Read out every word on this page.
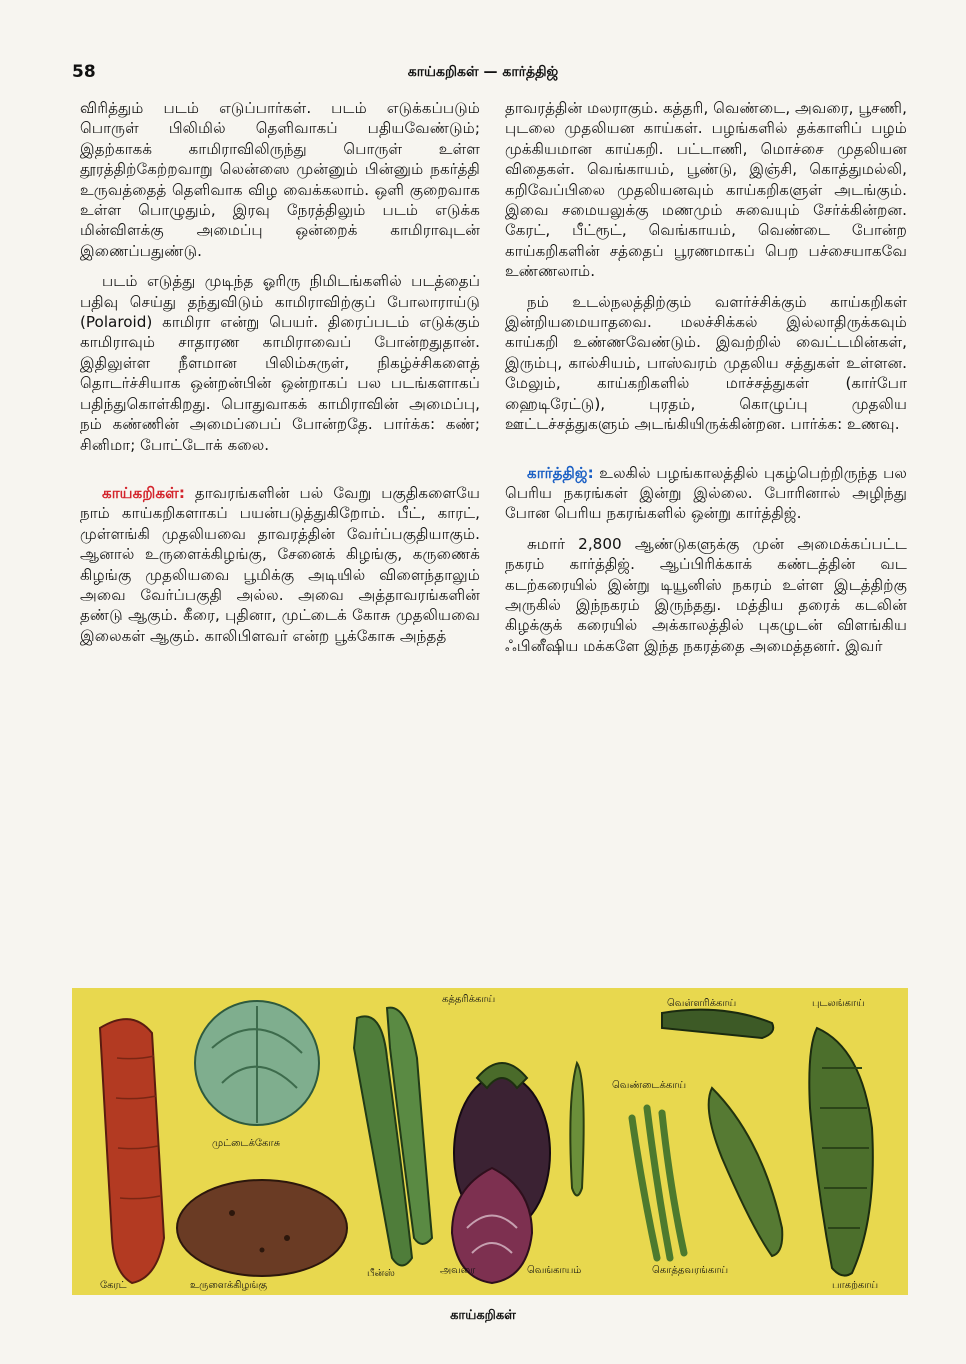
58	காய்கறிகள் — கார்த்திஜ்

விரித்தும் படம் எடுப்பார்கள். படம் எடுக்கப்படும் பொருள் பிலிமில் தெளிவாகப் பதியவேண்டும்; இதற்காகக் காமிராவிலிருந்து பொருள் உள்ள தூரத்திற்கேற்றவாறு லென்ஸை முன்னும் பின்னும் நகர்த்தி உருவத்தைத் தெளிவாக விழ வைக்கலாம். ஒளி குறைவாக உள்ள பொழுதும், இரவு நேரத்திலும் படம் எடுக்க மின்விளக்கு அமைப்பு ஒன்றைக் காமிராவுடன் இணைப்பதுண்டு.

படம் எடுத்து முடிந்த ஓரிரு நிமிடங்களில் படத்தைப் பதிவு செய்து தந்துவிடும் காமிராவிற்குப் போலாராய்டு (Polaroid) காமிரா என்று பெயர். திரைப்படம் எடுக்கும் காமிராவும் சாதாரண காமிராவைப் போன்றதுதான். இதிலுள்ள நீளமான பிலிம்சுருள், நிகழ்ச்சிகளைத் தொடர்ச்சியாக ஒன்றன்பின் ஒன்றாகப் பல படங்களாகப் பதிந்துகொள்கிறது. பொதுவாகக் காமிராவின் அமைப்பு, நம் கண்ணின் அமைப்பைப் போன்றதே. பார்க்க: கண்; சினிமா; போட்டோக் கலை.

காய்கறிகள்: தாவரங்களின் பல் வேறு பகுதிகளையே நாம் காய்கறிகளாகப் பயன்படுத்துகிறோம். பீட், காரட், முள்ளங்கி முதலியவை தாவரத்தின் வேர்ப்பகுதியாகும். ஆனால் உருளைக்கிழங்கு, சேனைக் கிழங்கு, கருணைக் கிழங்கு முதலியவை பூமிக்கு அடியில் விளைந்தாலும் அவை வேர்ப்பகுதி அல்ல. அவை அத்தாவரங்களின் தண்டு ஆகும். கீரை, புதினா, முட்டைக் கோசு முதலியவை இலைகள் ஆகும். காலிபிளவர் என்ற பூக்கோசு அந்தத்

தாவரத்தின் மலராகும். கத்தரி, வெண்டை, அவரை, பூசணி, புடலை முதலியன காய்கள். பழங்களில் தக்காளிப் பழம் முக்கியமான காய்கறி. பட்டாணி, மொச்சை முதலியன விதைகள். வெங்காயம், பூண்டு, இஞ்சி, கொத்துமல்லி, கறிவேப்பிலை முதலியனவும் காய்கறிகளுள் அடங்கும். இவை சமையலுக்கு மணமும் சுவையும் சேர்க்கின்றன. கேரட், பீட்ரூட், வெங்காயம், வெண்டை போன்ற காய்கறிகளின் சத்தைப் பூரணமாகப் பெற பச்சையாகவே உண்ணலாம்.

நம் உடல்நலத்திற்கும் வளர்ச்சிக்கும் காய்கறிகள் இன்றியமையாதவை. மலச்சிக்கல் இல்லாதிருக்கவும் காய்கறி உண்ணவேண்டும். இவற்றில் வைட்டமின்கள், இரும்பு, கால்சியம், பாஸ்வரம் முதலிய சத்துகள் உள்ளன. மேலும், காய்கறிகளில் மாச்சத்துகள் (கார்போ ஹைடிரேட்டு), புரதம், கொழுப்பு முதலிய ஊட்டச்சத்துகளும் அடங்கியிருக்கின்றன. பார்க்க: உணவு.

கார்த்திஜ்: உலகில் பழங்காலத்தில் புகழ்பெற்றிருந்த பல பெரிய நகரங்கள் இன்று இல்லை. போரினால் அழிந்து போன பெரிய நகரங்களில் ஒன்று கார்த்திஜ்.

சுமார் 2,800 ஆண்டுகளுக்கு முன் அமைக்கப்பட்ட நகரம் கார்த்திஜ். ஆப்பிரிக்காக் கண்டத்தின் வட கடற்கரையில் இன்று டியூனிஸ் நகரம் உள்ள இடத்திற்கு அருகில் இந்நகரம் இருந்தது. மத்திய தரைக் கடலின் கிழக்குக் கரையில் அக்காலத்தில் புகழுடன் விளங்கிய ஃபினீஷிய மக்களே இந்த நகரத்தை அமைத்தனர். இவர்

கேரட்
முட்டைக்கோசு
உருளைக்கிழங்கு
பீன்ஸ்
கத்தரிக்காய்
அவரை	வெங்காயம்
வெண்டைக்காய்
கொத்தவரங்காய்
வெள்ளரிக்காய்
பாகற்காய்
புடலங்காய்
காய்கறிகள்
